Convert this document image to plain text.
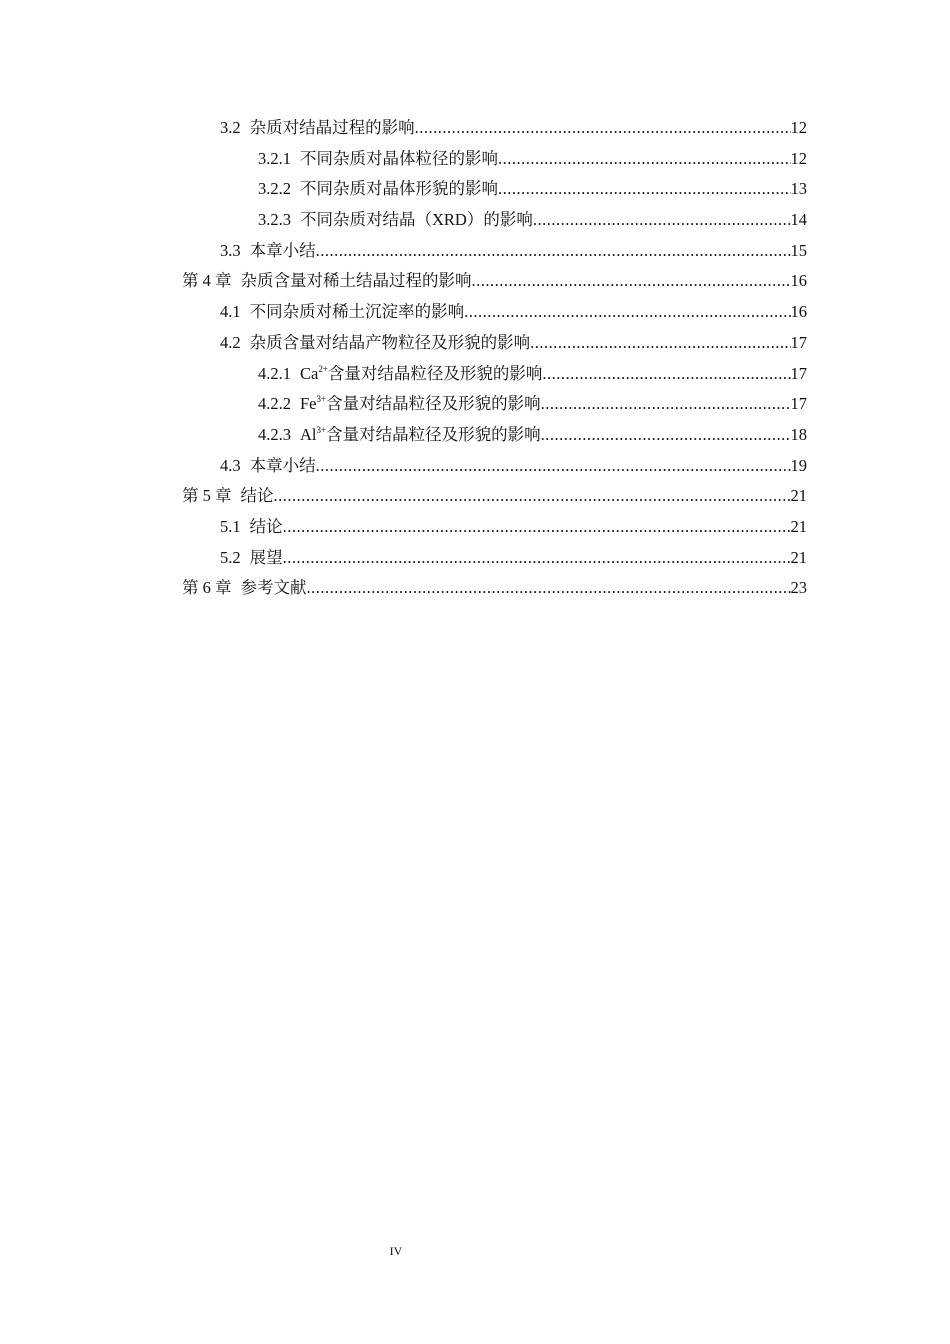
3.2 杂质对结晶过程的影响 .....	12
3.2.1 不同杂质对晶体粒径的影响 .....	12
3.2.2 不同杂质对晶体形貌的影响 .....	13
3.2.3 不同杂质对结晶（XRD）的影响 .....	14
3.3 本章小结 .....	15
第 4 章 杂质含量对稀土结晶过程的影响 .....	16
4.1 不同杂质对稀土沉淀率的影响 .....	16
4.2 杂质含量对结晶产物粒径及形貌的影响 .....	17
4.2.1 $Ca^{2+}$含量对结晶粒径及形貌的影响 .....	17
4.2.2 $Fe^{3+}$含量对结晶粒径及形貌的影响 .....	17
4.2.3 $Al^{3+}$含量对结晶粒径及形貌的影响 .....	18
4.3 本章小结 .....	19
第 5 章 结论 .....	21
5.1 结论 .....	21
5.2 展望 .....	21
第 6 章 参考文献 .....	23
IV
